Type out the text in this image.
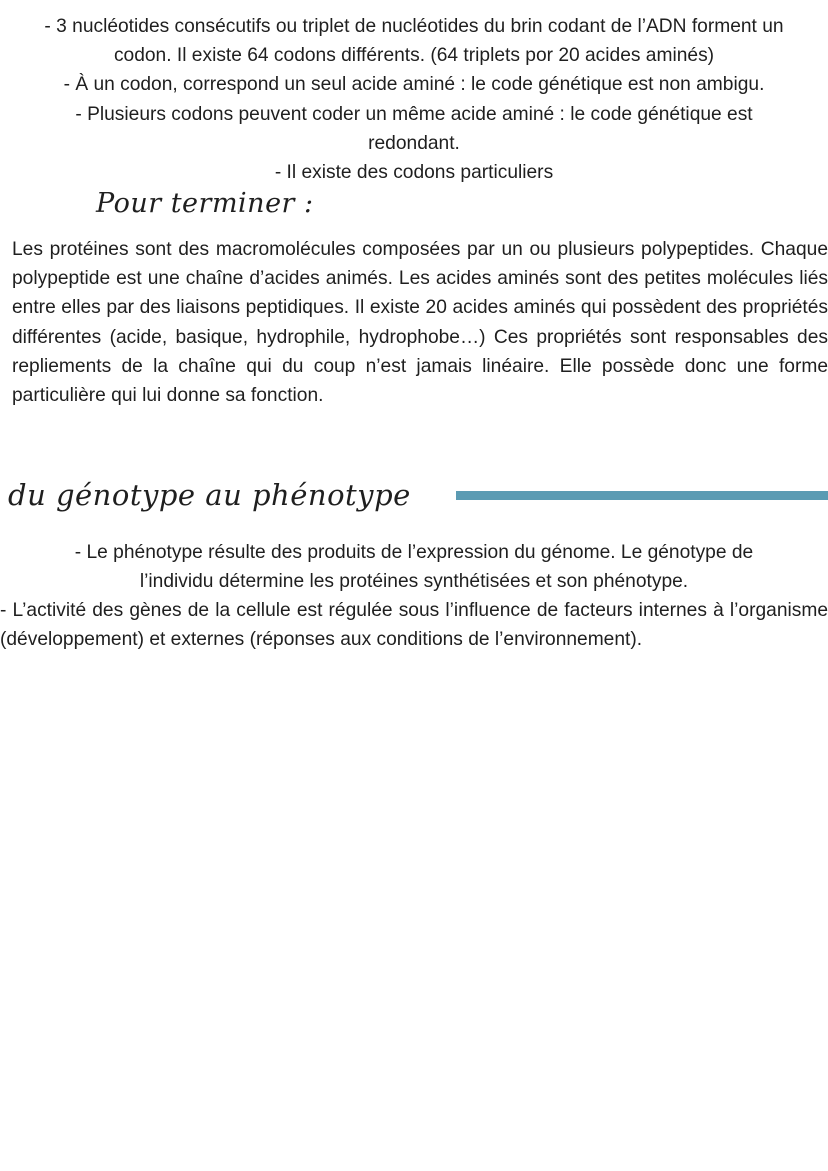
- 3 nucléotides consécutifs ou triplet de nucléotides du brin codant de l’ADN forment un
codon. Il existe 64 codons différents. (64 triplets por 20 acides aminés)
- À un codon, correspond un seul acide aminé : le code génétique est non ambigu.
- Plusieurs codons peuvent coder un même acide aminé : le code génétique est
redondant.
- Il existe des codons particuliers
Pour terminer :
Les protéines sont des macromolécules composées par un ou plusieurs polypeptides. Chaque polypeptide est une chaîne d’acides animés. Les acides aminés sont des petites molécules liés entre elles par des liaisons peptidiques. Il existe 20 acides aminés qui possèdent des propriétés différentes (acide, basique, hydrophile, hydrophobe…) Ces propriétés sont responsables des repliements de la chaîne qui du coup n’est jamais linéaire. Elle possède donc une forme particulière qui lui donne sa fonction.
du génotype au phénotype
- Le phénotype résulte des produits de l’expression du génome. Le génotype de
l’individu détermine les protéines synthétisées et son phénotype.
- L’activité des gènes de la cellule est régulée sous l’influence de facteurs internes à l’organisme (développement) et externes (réponses aux conditions de l’environnement).
